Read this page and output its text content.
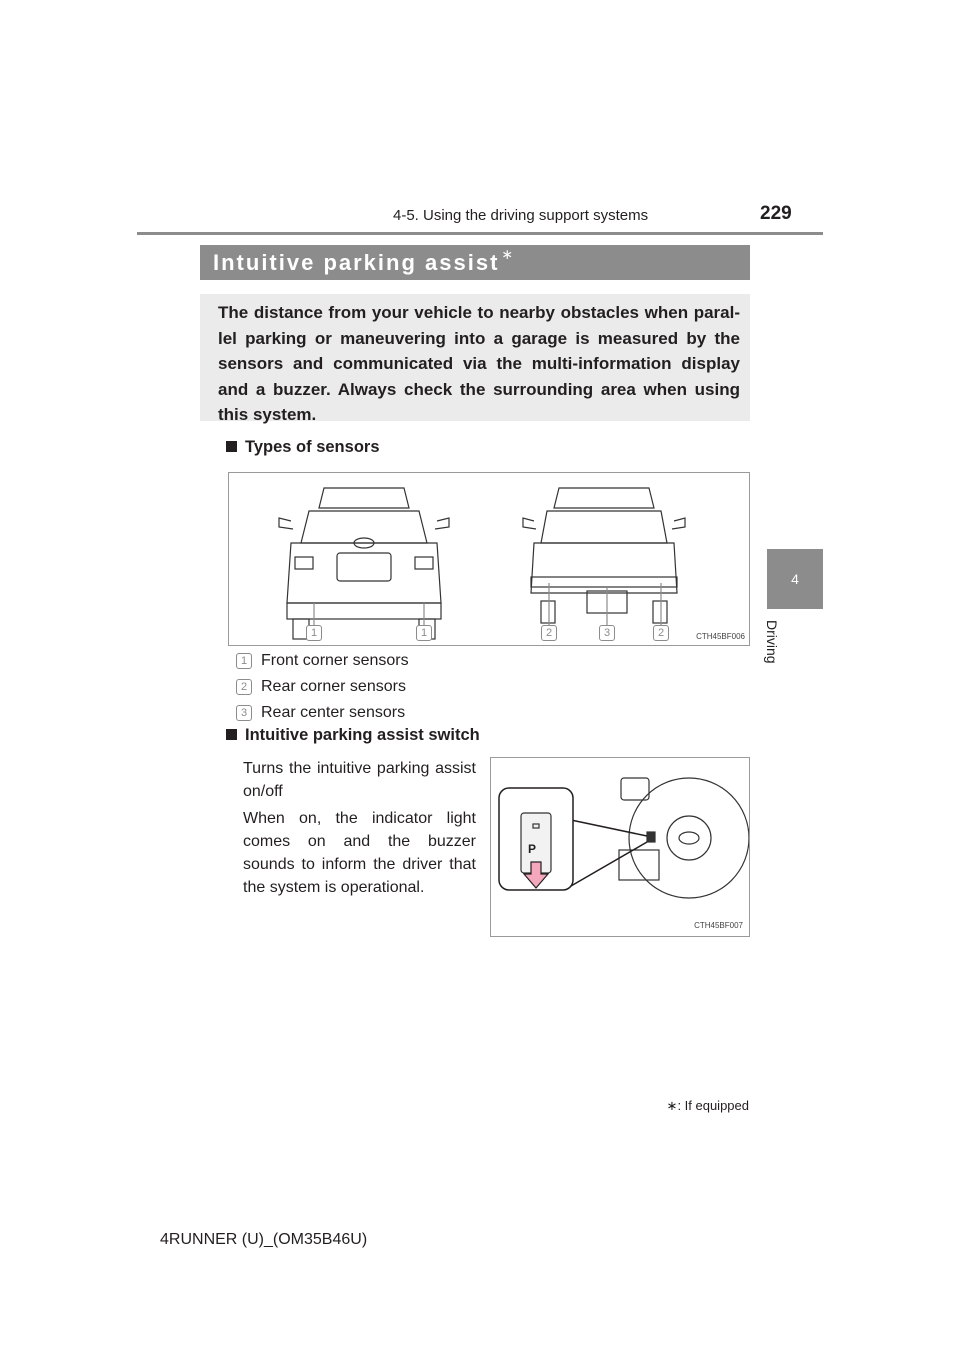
4-5. Using the driving support systems	229
4
Driving
Intuitive parking assist ∗
The distance from your vehicle to nearby obstacles when paral-lel parking or maneuvering into a garage is measured by the sensors and communicated via the multi-information display and a buzzer. Always check the surrounding area when using this system.
Types of sensors
1	1	2	3	2	CTH45BF006
1 Front corner sensors
2 Rear corner sensors
3 Rear center sensors
Intuitive parking assist switch
Turns the intuitive parking assist on/off
When on, the indicator light comes on and the buzzer sounds to inform the driver that the system is operational.
P
CTH45BF007
∗: If equipped
4RUNNER (U)_(OM35B46U)
